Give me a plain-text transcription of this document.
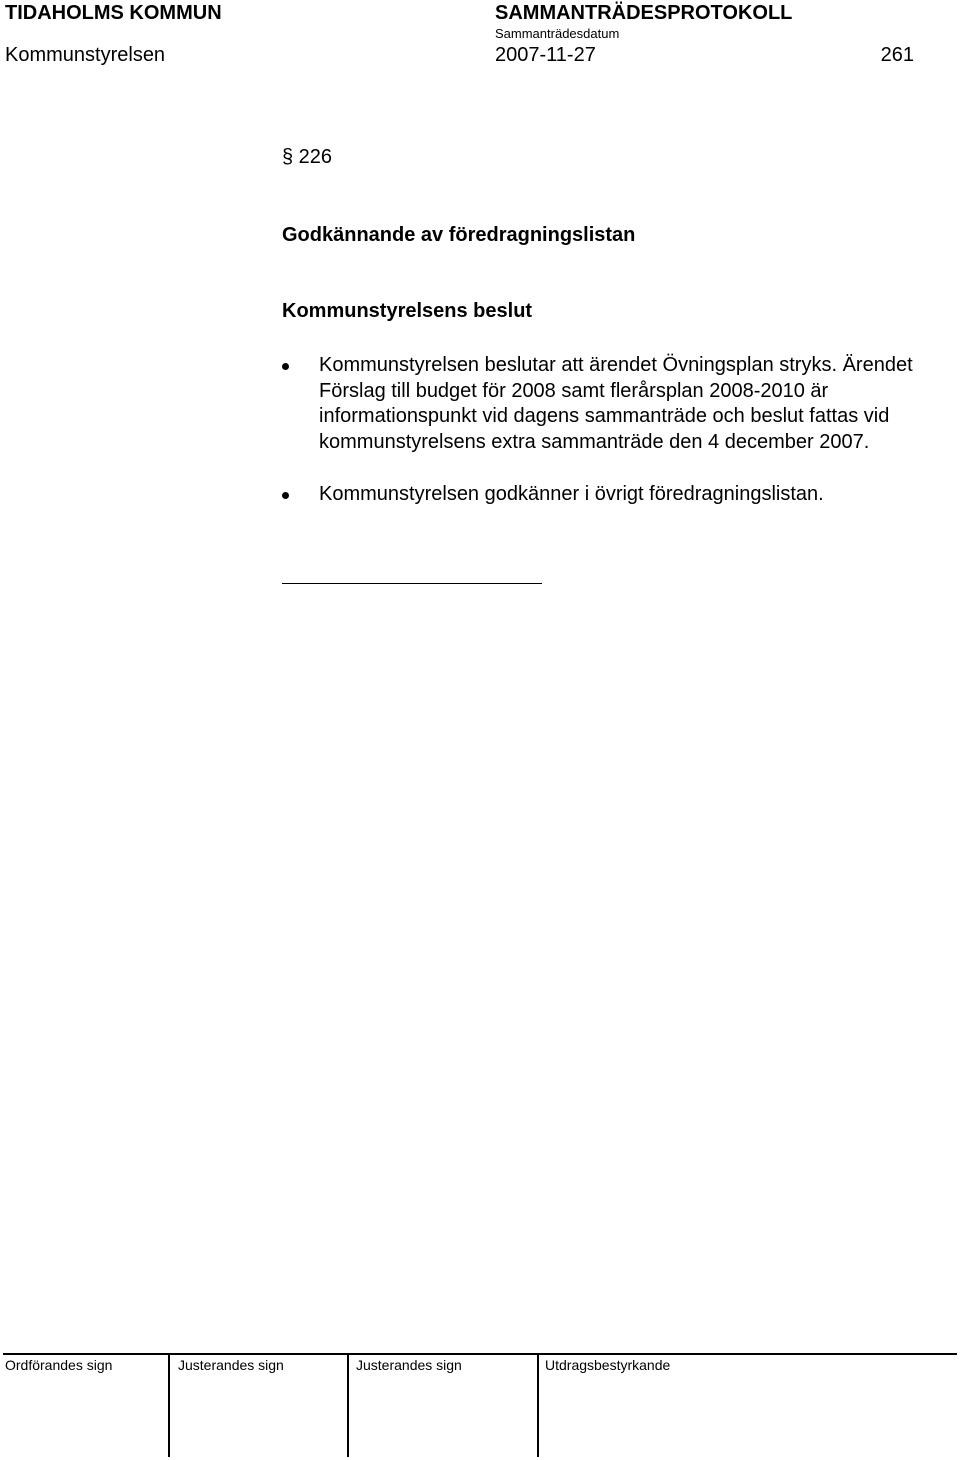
TIDAHOLMS KOMMUN	SAMMANTRÄDESPROTOKOLL
Sammanträdesdatum
Kommunstyrelsen	2007-11-27	261
§ 226
Godkännande av föredragningslistan
Kommunstyrelsens beslut
Kommunstyrelsen beslutar att ärendet Övningsplan stryks. Ärendet Förslag till budget för 2008 samt flerårsplan 2008-2010 är informationspunkt vid dagens sammanträde och beslut fattas vid kommunstyrelsens extra sammanträde den 4 december 2007.
Kommunstyrelsen godkänner i övrigt föredragningslistan.
Ordförandes sign	Justerandes sign	Justerandes sign	Utdragsbestyrkande
